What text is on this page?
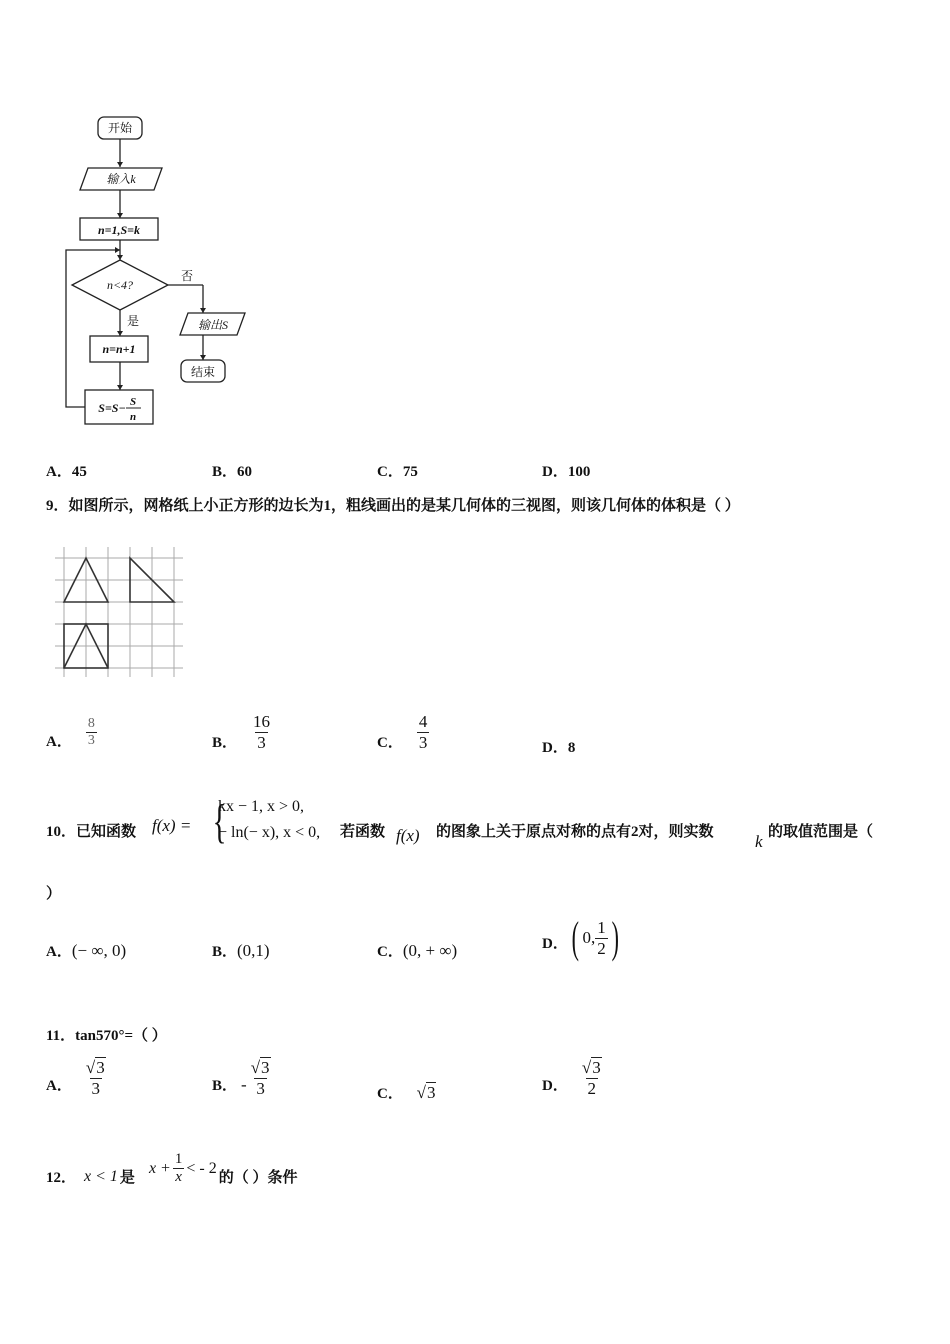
开始
输入k
n=1,S=k
n<4?
否
是	输出S
结束
n=n+1
S=S− S
n
A．45	B．60	C．75	D．100
9．如图所示，网格纸上小正方形的边长为1，粗线画出的是某几何体的三视图，则该几何体的体积是（ ）
A． $\frac{8}{3}$	B． $\frac{16}{3}$	C． $\frac{4}{3}$	D．8
10．已知函数 f(x) = {
kx − 1, x > 0,
− ln(− x), x < 0, 若函数 f(x) 的图象上关于原点对称的点有2对，则实数 k 的取值范围是（
）
A．(− ∞, 0)	B．(0,1)	C．(0, + ∞)	D． ( 0, $\frac{1}{2}$ )
11．tan570°=（ ）
A． $\frac{√3}{3}$	B． - $\frac{√3}{3}$	C． √3	D． $\frac{√3}{2}$
12． x < 1 是
$x + \frac{1}{x}$ < - 2
的（ ）条件
